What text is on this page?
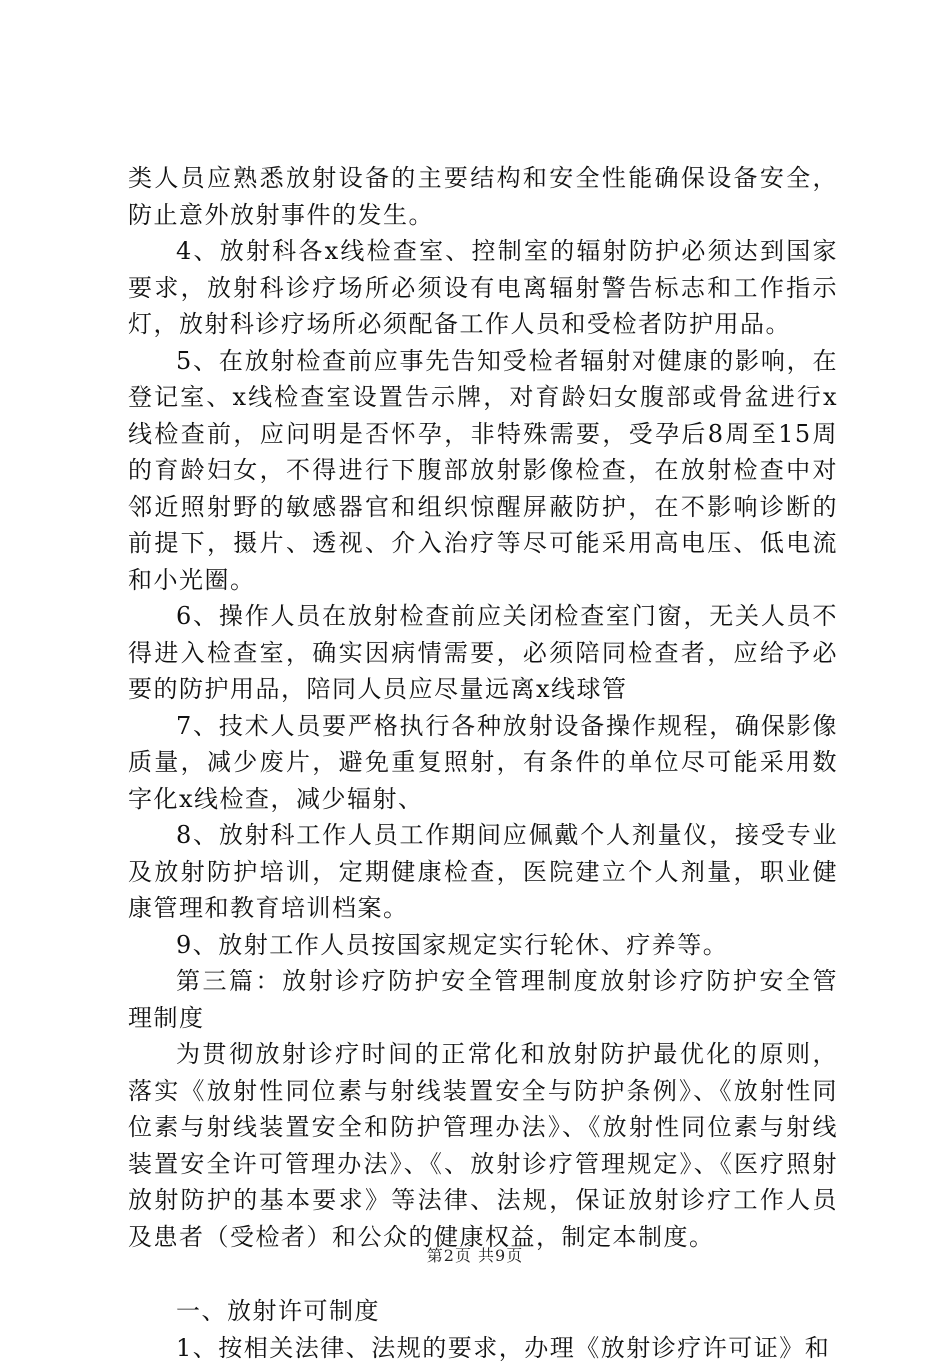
类人员应熟悉放射设备的主要结构和安全性能确保设备安全，防止意外放射事件的发生。

4、放射科各x线检查室、控制室的辐射防护必须达到国家要求，放射科诊疗场所必须设有电离辐射警告标志和工作指示灯，放射科诊疗场所必须配备工作人员和受检者防护用品。

5、在放射检查前应事先告知受检者辐射对健康的影响，在登记室、x线检查室设置告示牌，对育龄妇女腹部或骨盆进行x线检查前，应问明是否怀孕，非特殊需要，受孕后8周至15周的育龄妇女，不得进行下腹部放射影像检查，在放射检查中对邻近照射野的敏感器官和组织惊醒屏蔽防护，在不影响诊断的前提下，摄片、透视、介入治疗等尽可能采用高电压、低电流和小光圈。

6、操作人员在放射检查前应关闭检查室门窗，无关人员不得进入检查室，确实因病情需要，必须陪同检查者，应给予必要的防护用品，陪同人员应尽量远离x线球管

7、技术人员要严格执行各种放射设备操作规程，确保影像质量，减少废片，避免重复照射，有条件的单位尽可能采用数字化x线检查，减少辐射、

8、放射科工作人员工作期间应佩戴个人剂量仪，接受专业及放射防护培训，定期健康检查，医院建立个人剂量，职业健康管理和教育培训档案。

9、放射工作人员按国家规定实行轮休、疗养等。

第三篇：放射诊疗防护安全管理制度放射诊疗防护安全管理制度

为贯彻放射诊疗时间的正常化和放射防护最优化的原则，落实《放射性同位素与射线装置安全与防护条例》、《放射性同位素与射线装置安全和防护管理办法》、《放射性同位素与射线装置安全许可管理办法》、《、放射诊疗管理规定》、《医疗照射放射防护的基本要求》等法律、法规，保证放射诊疗工作人员及患者（受检者）和公众的健康权益，制定本制度。

一、放射许可制度

1、按相关法律、法规的要求，办理《放射诊疗许可证》和

第2页 共9页
